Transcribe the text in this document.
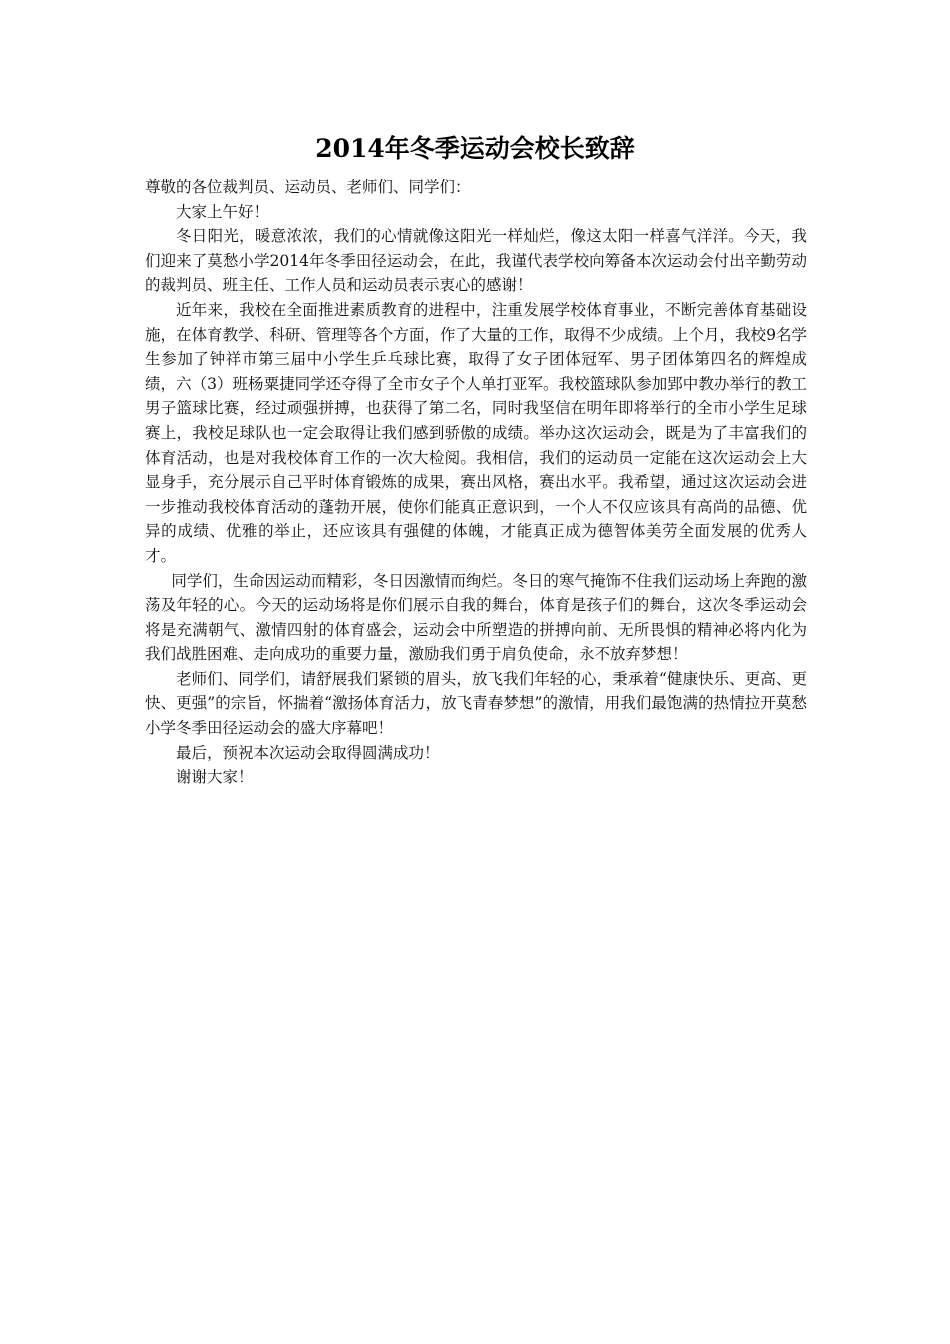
2014年冬季运动会校长致辞

尊敬的各位裁判员、运动员、老师们、同学们：

大家上午好！

冬日阳光，暖意浓浓，我们的心情就像这阳光一样灿烂，像这太阳一样喜气洋洋。今天，我们迎来了莫愁小学2014年冬季田径运动会，在此，我谨代表学校向筹备本次运动会付出辛勤劳动的裁判员、班主任、工作人员和运动员表示衷心的感谢！

近年来，我校在全面推进素质教育的进程中，注重发展学校体育事业，不断完善体育基础设施，在体育教学、科研、管理等各个方面，作了大量的工作，取得不少成绩。上个月，我校9名学生参加了钟祥市第三届中小学生乒乓球比赛，取得了女子团体冠军、男子团体第四名的辉煌成绩，六（3）班杨粟捷同学还夺得了全市女子个人单打亚军。我校篮球队参加郢中教办举行的教工男子篮球比赛，经过顽强拼搏，也获得了第二名，同时我坚信在明年即将举行的全市小学生足球赛上，我校足球队也一定会取得让我们感到骄傲的成绩。举办这次运动会，既是为了丰富我们的体育活动，也是对我校体育工作的一次大检阅。我相信，我们的运动员一定能在这次运动会上大显身手，充分展示自己平时体育锻炼的成果，赛出风格，赛出水平。我希望，通过这次运动会进一步推动我校体育活动的蓬勃开展，使你们能真正意识到，一个人不仅应该具有高尚的品德、优异的成绩、优雅的举止，还应该具有强健的体魄，才能真正成为德智体美劳全面发展的优秀人才。

同学们，生命因运动而精彩，冬日因激情而绚烂。冬日的寒气掩饰不住我们运动场上奔跑的激荡及年轻的心。今天的运动场将是你们展示自我的舞台，体育是孩子们的舞台，这次冬季运动会将是充满朝气、激情四射的体育盛会，运动会中所塑造的拼搏向前、无所畏惧的精神必将内化为我们战胜困难、走向成功的重要力量，激励我们勇于肩负使命，永不放弃梦想！

老师们、同学们，请舒展我们紧锁的眉头，放飞我们年轻的心，秉承着“健康快乐、更高、更快、更强”的宗旨，怀揣着“激扬体育活力，放飞青春梦想”的激情，用我们最饱满的热情拉开莫愁小学冬季田径运动会的盛大序幕吧！

最后，预祝本次运动会取得圆满成功！

谢谢大家！
